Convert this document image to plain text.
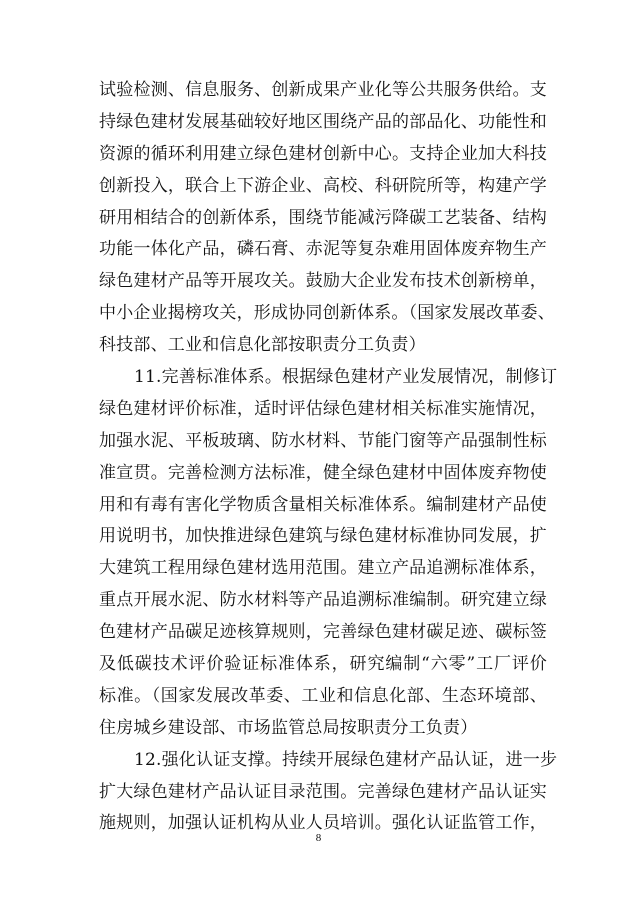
试验检测、信息服务、创新成果产业化等公共服务供给。支
持绿色建材发展基础较好地区围绕产品的部品化、功能性和
资源的循环利用建立绿色建材创新中心。支持企业加大科技
创新投入，联合上下游企业、高校、科研院所等，构建产学
研用相结合的创新体系，围绕节能减污降碳工艺装备、结构
功能一体化产品，磷石膏、赤泥等复杂难用固体废弃物生产
绿色建材产品等开展攻关。鼓励大企业发布技术创新榜单，
中小企业揭榜攻关，形成协同创新体系。（国家发展改革委、
科技部、工业和信息化部按职责分工负责）
11.完善标准体系。根据绿色建材产业发展情况，制修订
绿色建材评价标准，适时评估绿色建材相关标准实施情况，
加强水泥、平板玻璃、防水材料、节能门窗等产品强制性标
准宣贯。完善检测方法标准，健全绿色建材中固体废弃物使
用和有毒有害化学物质含量相关标准体系。编制建材产品使
用说明书，加快推进绿色建筑与绿色建材标准协同发展，扩
大建筑工程用绿色建材选用范围。建立产品追溯标准体系，
重点开展水泥、防水材料等产品追溯标准编制。研究建立绿
色建材产品碳足迹核算规则，完善绿色建材碳足迹、碳标签
及低碳技术评价验证标准体系，研究编制“六零”工厂评价
标准。（国家发展改革委、工业和信息化部、生态环境部、
住房城乡建设部、市场监管总局按职责分工负责）
12.强化认证支撑。持续开展绿色建材产品认证，进一步
扩大绿色建材产品认证目录范围。完善绿色建材产品认证实
施规则，加强认证机构从业人员培训。强化认证监管工作，
8
